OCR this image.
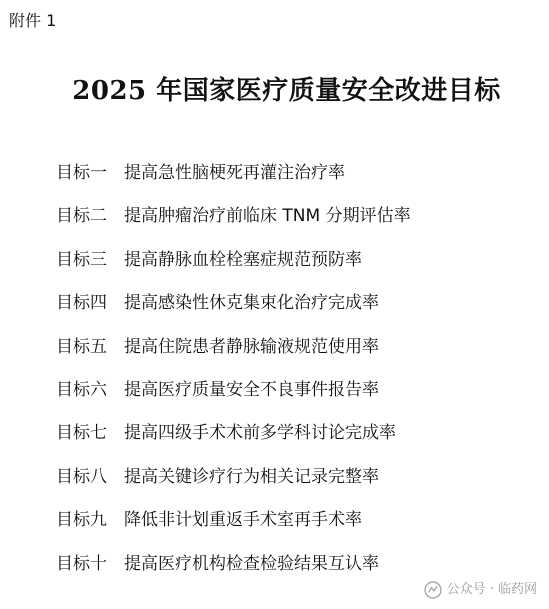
附件 1
2025 年国家医疗质量安全改进目标
目标一	提高急性脑梗死再灌注治疗率
目标二	提高肿瘤治疗前临床 TNM 分期评估率
目标三	提高静脉血栓栓塞症规范预防率
目标四	提高感染性休克集束化治疗完成率
目标五	提高住院患者静脉输液规范使用率
目标六	提高医疗质量安全不良事件报告率
目标七	提高四级手术术前多学科讨论完成率
目标八	提高关键诊疗行为相关记录完整率
目标九	降低非计划重返手术室再手术率
目标十	提高医疗机构检查检验结果互认率
公众号 · 临药网
